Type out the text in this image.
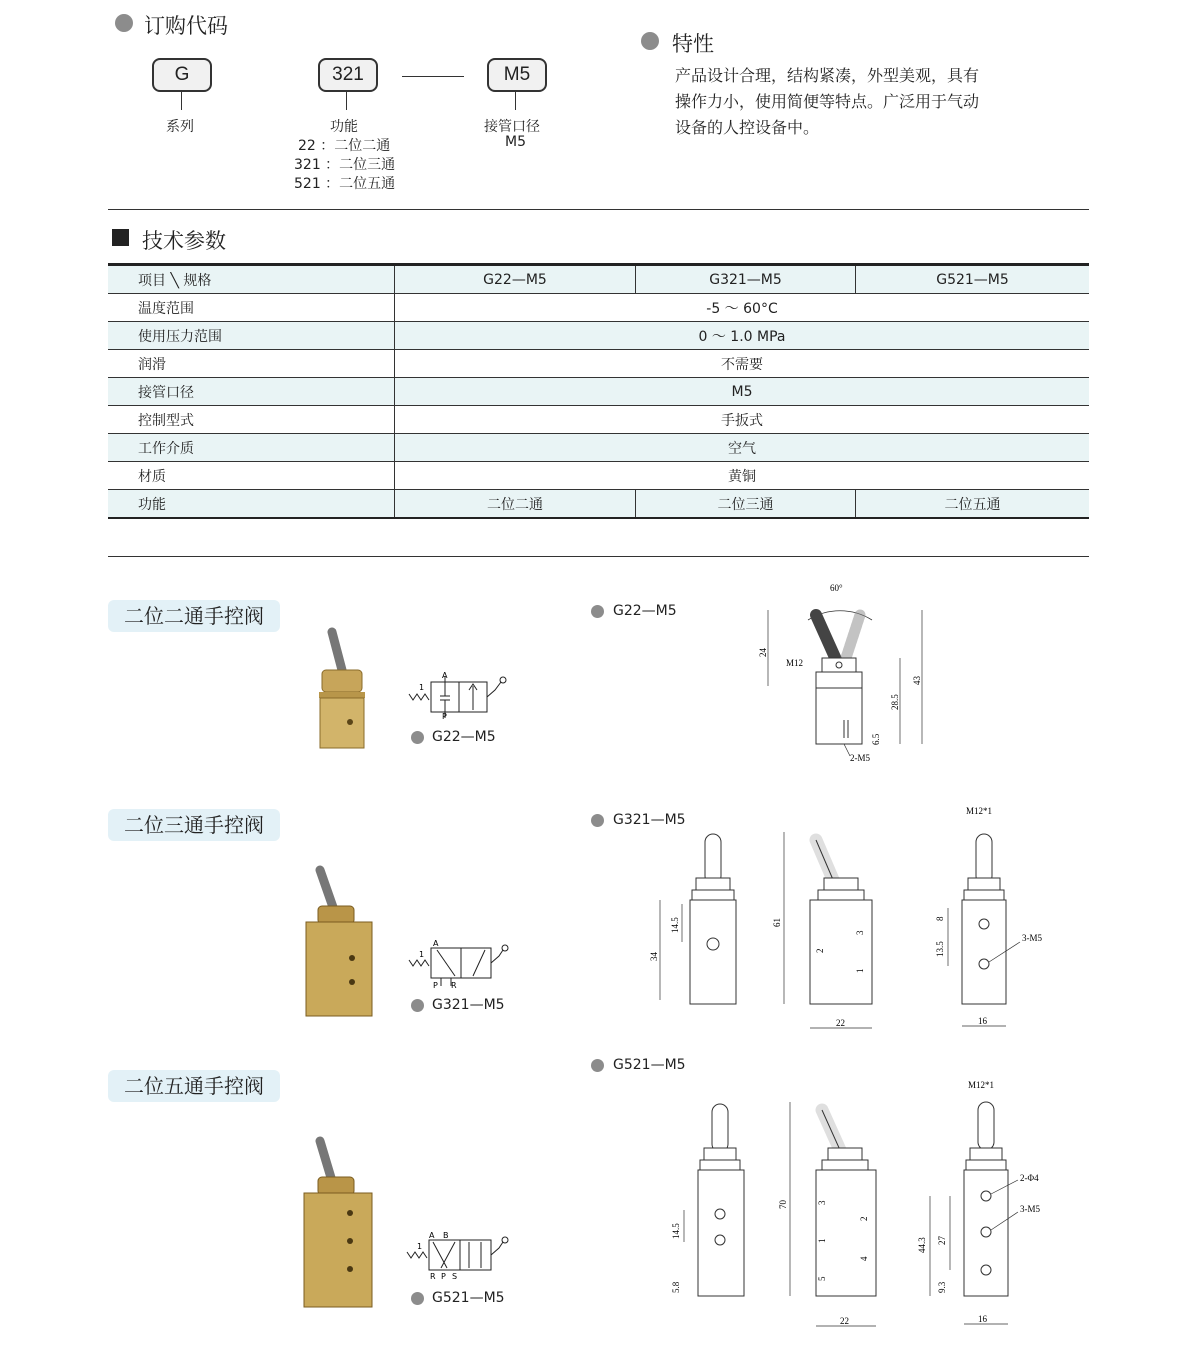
订购代码
G
系列
321
功能
22 ：二位二通
321 ：二位三通
521 ：二位五通
M5
接管口径
M5
特性
产品设计合理，结构紧凑，外型美观，具有
操作力小，使用简便等特点。广泛用于气动
设备的人控设备中。
技术参数
项目 ╲ 规格	G22—M5	G321—M5	G521—M5
温度范围	-5 ～ 60°C		
使用压力范围	0 ～ 1.0 MPa		
润滑	不需要		
接管口径	M5		
控制型式	手扳式		
工作介质	空气		
材质	黄铜		
功能	二位二通	二位三通	二位五通
二位二通手控阀
A
P
1
G22—M5
G22—M5
60°
24
M12
28.5
43
6.5
2-M5
二位三通手控阀
A
P R
1
G321—M5
G321—M5
34
14.5
2
3
1
61
22
M12*1
8
13.5
3-M5
16
二位五通手控阀
A B
R P S
1
G521—M5
G521—M5
14.5
5.8
3
2
1
4
5
70
22
M12*1
2-Φ4
3-M5
44.3 27
9.3
16
